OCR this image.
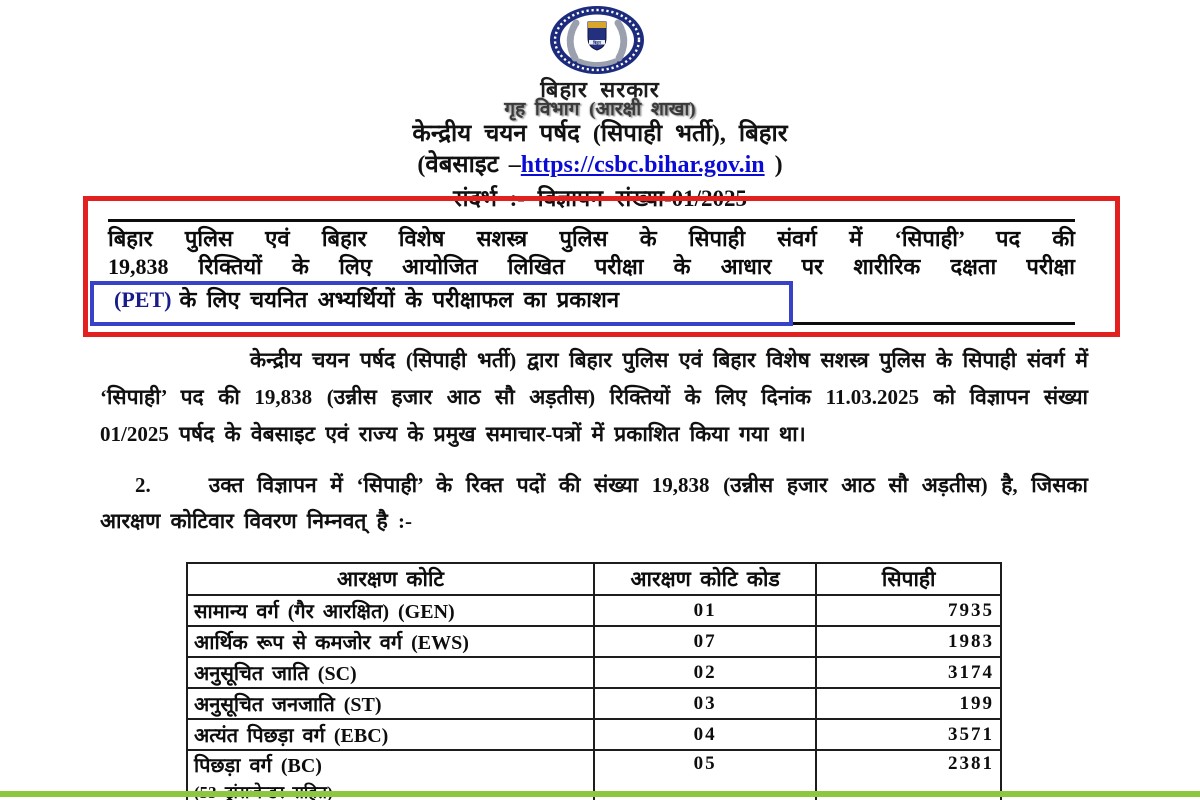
बिहार
बिहार सरकार
गृह विभाग (आरक्षी शाखा)
केन्द्रीय चयन पर्षद (सिपाही भर्ती), बिहार
(वेबसाइट –https://csbc.bihar.gov.in )
संदर्भ :- विज्ञापन संख्या-01/2025
बिहार पुलिस एवं बिहार विशेष सशस्त्र पुलिस के सिपाही संवर्ग में ‘सिपाही’ पद की
19,838 रिक्तियों के लिए आयोजित लिखित परीक्षा के आधार पर शारीरिक दक्षता परीक्षा
(PET) के लिए चयनित अभ्यर्थियों के परीक्षाफल का प्रकाशन
केन्द्रीय चयन पर्षद (सिपाही भर्ती) द्वारा बिहार पुलिस एवं बिहार विशेष सशस्त्र पुलिस के सिपाही संवर्ग में ‘सिपाही’ पद की 19,838 (उन्नीस हजार आठ सौ अड़तीस) रिक्तियों के लिए दिनांक 11.03.2025 को विज्ञापन संख्या 01/2025 पर्षद के वेबसाइट एवं राज्य के प्रमुख समाचार-पत्रों में प्रकाशित किया गया था।
2.	उक्त विज्ञापन में ‘सिपाही’ के रिक्त पदों की संख्या 19,838 (उन्नीस हजार आठ सौ अड़तीस) है, जिसका आरक्षण कोटिवार विवरण निम्नवत् है :-
आरक्षण कोटि	आरक्षण कोटि कोड	सिपाही
सामान्य वर्ग (गैर आरक्षित) (GEN)	01	7935
आर्थिक रूप से कमजोर वर्ग (EWS)	07	1983
अनुसूचित जाति (SC)	02	3174
अनुसूचित जनजाति (ST)	03	199
अत्यंत पिछड़ा वर्ग (EBC)	04	3571

पिछड़ा वर्ग (BC)	05	2381
